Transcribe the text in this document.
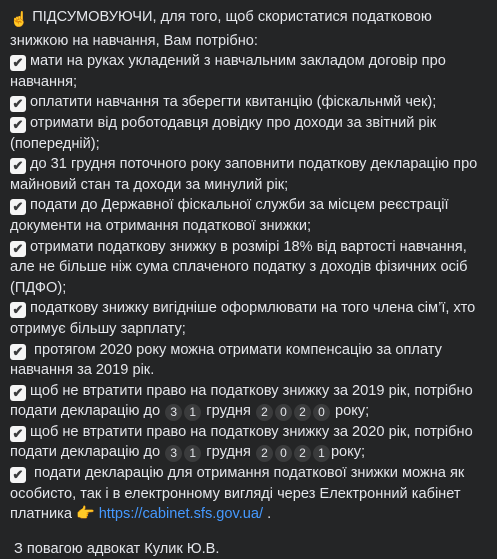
☝️ ПІДСУМОВУЮЧИ, для того, щоб скористатися податковою знижкою на навчання, Вам потрібно:

✔ мати на руках укладений з навчальним закладом договір про навчання;

✔ оплатити навчання та зберегти квитанцію (фіскальнмй чек);

✔ отримати від роботодавця довідку про доходи за звітний рік (попередній);

✔ до 31 грудня поточного року заповнити податкову декларацію про майновий стан та доходи за минулий рік;

✔ подати до Державної фіскальної служби за місцем реєстрації документи на отримання податкової знижки;

✔ отримати податкову знижку в розмірі 18% від вартості навчання, але не більше ніж сума сплаченого податку з доходів фізичних осіб (ПДФО);

✔ податкову знижку вигідніше оформлювати на того члена сім’ї, хто отримує більшу зарплату;

✔ протягом 2020 року можна отримати компенсацію за оплату навчання за 2019 рік.

✔ щоб не втратити право на податкову знижку за 2019 рік, потрібно подати декларацію до 3 1 грудня 2 0 2 0 року;

✔ щоб не втратити право на податкову знижку за 2020 рік, потрібно подати декларацію до 3 1 грудня 2 0 2 1 року;

✔ подати декларацію для отримання податкової знижки можна як особисто, так і в електронному вигляді через Електронний кабінет платника 👉 https://cabinet.sfs.gov.ua/ .

З повагою адвокат Кулик Ю.В.
